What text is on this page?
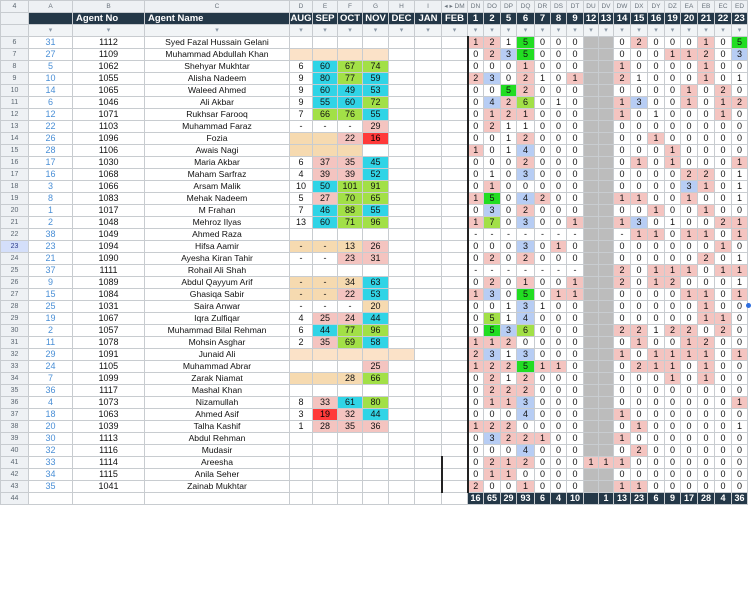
4	A	B	C	D	E	F	G	H	I	◂ ▸ DM	DN	DO	DP	DQ	DR	DS	DT	DU	DV	DW	DX	DY	DZ	EA	EB	EC	ED
		Agent No	Agent Name	AUG	SEP	OCT	NOV	DEC	JAN	FEB	1	2	5	6	7	8	9	12	13	14	15	16	19	20	21	22	23
	▾	▾	▾	▾	▾	▾	▾	▾	▾	▾	▾	▾	▾	▾	▾	▾	▾	▾	▾	▾	▾	▾	▾	▾	▾	▾	▾
6	31	1112	Syed Fazal Hussain Gelani								1	2	1	5	0	0	0			0	2	0	0	0	1	0	5
7	27	1109	Muhammad Abdullah Khan								0	2	3	5	0	0	0			0	0	0	1	1	2	0	3
8	5	1062	Shehyar Mukhtar	6	60	67	74				0	0	0	1	0	0	0			1	0	0	0	0	1	0	0
9	10	1055	Alisha Nadeem	9	80	77	59				2	3	0	2	1	0	1			2	1	0	0	0	1	0	1
10	14	1065	Waleed Ahmed	9	60	49	53				0	0	5	2	0	0	0			0	0	0	0	1	0	2	0
11	6	1046	Ali Akbar	9	55	60	72				0	4	2	6	0	1	0			1	3	0	0	1	0	1	2
12	12	1071	Rukhsar Farooq	7	66	76	55				0	1	2	1	0	0	0			1	0	1	0	0	0	1	0
13	22	1103	Muhammad Faraz	-	-	-	29				0	2	1	1	0	0	0			0	0	0	0	0	0	0	0
14	26	1096	Fozia			22	16				0	0	1	2	0	0	0			0	0	1	0	0	0	0	0
15	28	1106	Awais Nagi								1	0	1	4	0	0	0			0	0	0	1	0	0	0	0
16	17	1030	Maria Akbar	6	37	35	45				0	0	0	2	0	0	0			0	1	0	1	0	0	0	1
17	16	1068	Maham Sarfraz	4	39	39	52				0	1	0	3	0	0	0			0	0	0	0	2	2	0	1
18	3	1066	Arsam Malik	10	50	101	91				0	1	0	0	0	0	0			0	0	0	0	3	1	0	1
19	8	1083	Mehak Nadeem	5	27	70	65				1	5	0	4	2	0	0			1	1	0	0	1	0	0	1
20	1	1017	M Frahan	7	46	88	55				0	3	0	2	0	0	0			0	0	1	0	0	1	0	0
21	2	1048	Mehroz Ilyas	13	60	71	96				1	7	0	3	0	0	1			1	3	0	1	0	0	2	1
22	38	1049	Ahmed Raza								-	-	-	-	-	-	-			-	1	1	0	1	1	0	1
23	23	1094	Hifsa Aamir	-	-	13	26				0	0	0	3	0	1	0			0	0	0	0	0	0	1	0
24	21	1090	Ayesha Kiran Tahir	-	-	23	31				0	2	0	2	0	0	0			0	0	0	0	0	2	0	1
25	37	1111	Rohail Ali Shah								-	-	-	-	-	-	-			2	0	1	1	1	0	1	1
26	9	1089	Abdul Qayyum Arif	-	-	34	63				0	2	0	1	0	0	1			2	0	1	2	0	0	0	1
27	15	1084	Ghasiqa Sabir	-	-	22	53				1	3	0	5	0	1	1			0	0	0	0	1	1	0	1
28	25	1031	Saira Anwar	-	-	-	20				0	0	1	3	1	0	0			0	0	0	0	0	1	0	0
29	19	1067	Iqra Zulfiqar	4	25	24	44				0	5	1	4	0	0	0			0	0	0	0	0	1	1	0
30	2	1057	Muhammad Bilal Rehman	6	44	77	96				0	5	3	6	0	0	0			2	2	1	2	2	0	2	0
31	11	1078	Mohsin Asghar	2	35	69	58				1	1	2	0	0	0	0			0	1	0	0	1	2	0	0
32	29	1091	Junaid Ali								2	3	1	3	0	0	0			1	0	1	1	1	1	0	1
33	24	1105	Muhammad Abrar				25				1	2	2	5	1	1	0			0	2	1	1	0	1	0	0
34	7	1099	Zarak Niamat			28	66				0	2	1	2	0	0	0			0	0	0	1	0	1	0	0
35	36	1117	Mashal Khan								0	2	2	2	0	0	0			0	0	0	0	0	0	0	0
36	4	1073	Nizamullah	8	33	61	80				0	1	1	3	0	0	0			0	0	0	0	0	0	0	1
37	18	1063	Ahmed Asif	3	19	32	44				0	0	0	4	0	0	0			1	0	0	0	0	0	0	0
38	20	1039	Talha Kashif	1	28	35	36				1	2	2	0	0	0	0			0	1	0	0	0	0	0	1
39	30	1113	Abdul Rehman								0	3	2	2	1	0	0			1	0	0	0	0	0	0	0
40	32	1116	Mudasir								0	0	0	4	0	0	0			0	2	0	0	0	0	0	0
41	33	1114	Areesha								0	2	1	2	0	0	0	1	1	1	0	0	0	0	0	0	0
42	34	1115	Anila Seher								0	1	1	0	0	0	0			0	0	0	0	0	0	0	0
43	35	1041	Zainab Mukhtar								2	0	0	1	0	0	0			1	1	0	0	0	0	0	0
44											16	65	29	93	6	4	10		1	13	23	6	9	17	28	4	36
